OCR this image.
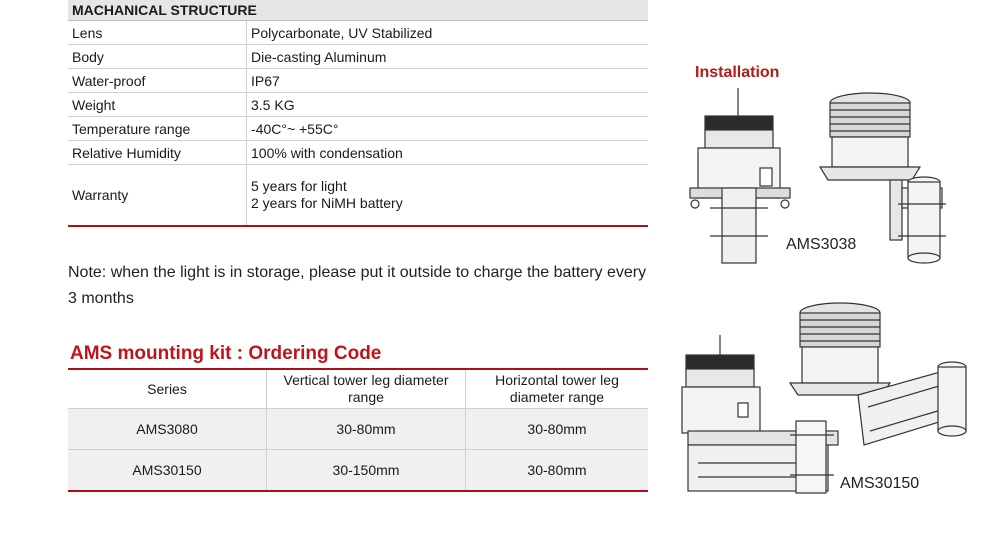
MACHANICAL STRUCTURE	
Lens	Polycarbonate, UV Stabilized
Body	Die-casting Aluminum
Water-proof	IP67
Weight	3.5 KG
Temperature range	-40C°~ +55C°
Relative Humidity	100% with condensation
Warranty	5 years for light
2 years for NiMH battery
Note: when the light is in storage, please put it outside to charge the battery every 3 months
AMS mounting kit : Ordering Code
Series	Vertical tower leg diameter range	Horizontal tower leg diameter range
AMS3080	30-80mm	30-80mm
AMS30150	30-150mm	30-80mm
Installation
AMS3038
AMS30150
